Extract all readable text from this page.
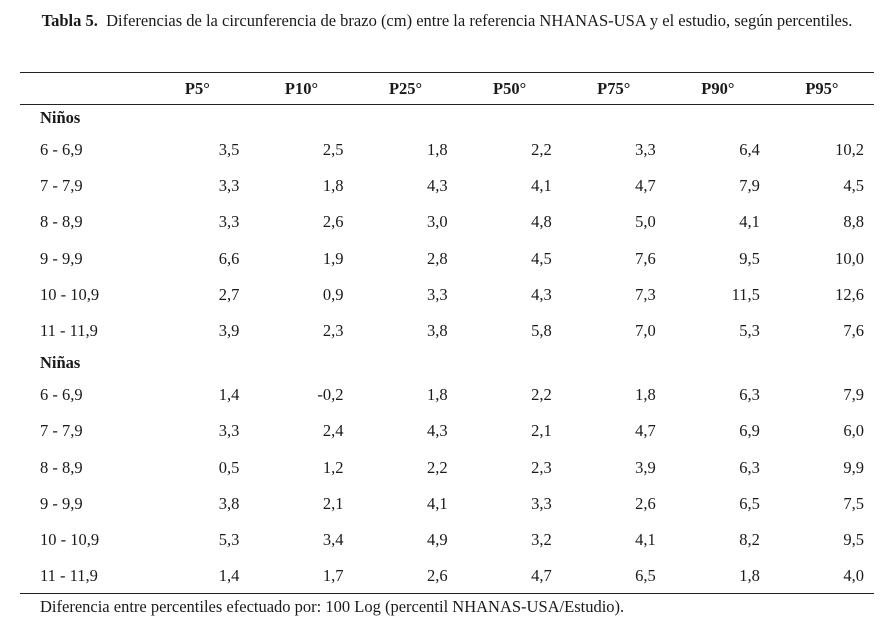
Tabla 5. Diferencias de la circunferencia de brazo (cm) entre la referencia NHANAS-USA y el estudio, según percentiles.
	P5°	P10°	P25°	P50°	P75°	P90°	P95°
Niños							
6 - 6,9	3,5	2,5	1,8	2,2	3,3	6,4	10,2
7 - 7,9	3,3	1,8	4,3	4,1	4,7	7,9	4,5
8 - 8,9	3,3	2,6	3,0	4,8	5,0	4,1	8,8
9 - 9,9	6,6	1,9	2,8	4,5	7,6	9,5	10,0
10 - 10,9	2,7	0,9	3,3	4,3	7,3	11,5	12,6
11 - 11,9	3,9	2,3	3,8	5,8	7,0	5,3	7,6
Niñas							
6 - 6,9	1,4	-0,2	1,8	2,2	1,8	6,3	7,9
7 - 7,9	3,3	2,4	4,3	2,1	4,7	6,9	6,0
8 - 8,9	0,5	1,2	2,2	2,3	3,9	6,3	9,9
9 - 9,9	3,8	2,1	4,1	3,3	2,6	6,5	7,5
10 - 10,9	5,3	3,4	4,9	3,2	4,1	8,2	9,5
11 - 11,9	1,4	1,7	2,6	4,7	6,5	1,8	4,0
Diferencia entre percentiles efectuado por: 100 Log (percentil NHANAS-USA/Estudio).
